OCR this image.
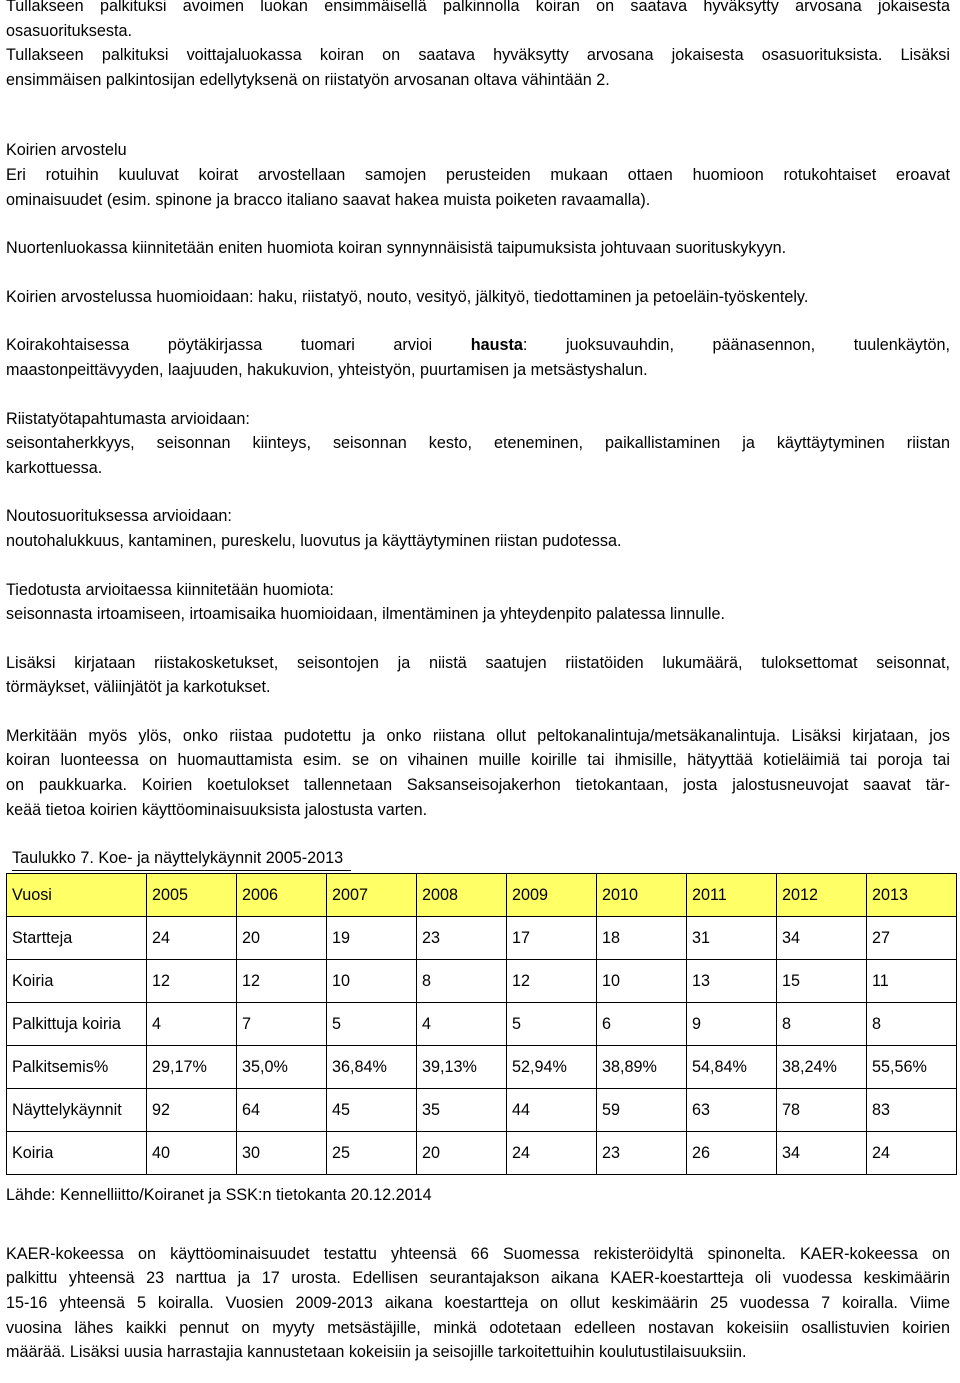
Tullakseen palkituksi avoimen luokan ensimmäisellä palkinnolla koiran on saatava hyväksytty arvosana jokaisesta
osasuorituksesta.
Tullakseen palkituksi voittajaluokassa koiran on saatava hyväksytty arvosana jokaisesta osasuorituksista. Lisäksi
ensimmäisen palkintosijan edellytyksenä on riistatyön arvosanan oltava vähintään 2.
Koirien arvostelu
Eri rotuihin kuuluvat koirat arvostellaan samojen perusteiden mukaan ottaen huomioon rotukohtaiset eroavat
ominaisuudet (esim. spinone ja bracco italiano saavat hakea muista poiketen ravaamalla).
Nuortenluokassa kiinnitetään eniten huomiota koiran synnynnäisistä taipumuksista johtuvaan suorituskykyyn.
Koirien arvostelussa huomioidaan: haku, riistatyö, nouto, vesityö, jälkityö, tiedottaminen ja petoeläin-työskentely.
Koirakohtaisessa pöytäkirjassa tuomari arvioi hausta: juoksuvauhdin, päänasennon, tuulenkäytön,
maastonpeittävyyden, laajuuden, hakukuvion, yhteistyön, puurtamisen ja metsästyshalun.
Riistatyötapahtumasta arvioidaan:
seisontaherkkyys, seisonnan kiinteys, seisonnan kesto, eteneminen, paikallistaminen ja käyttäytyminen riistan
karkottuessa.
Noutosuorituksessa arvioidaan:
noutohalukkuus, kantaminen, pureskelu, luovutus ja käyttäytyminen riistan pudotessa.
Tiedotusta arvioitaessa kiinnitetään huomiota:
seisonnasta irtoamiseen, irtoamisaika huomioidaan, ilmentäminen ja yhteydenpito palatessa linnulle.
Lisäksi kirjataan riistakosketukset, seisontojen ja niistä saatujen riistatöiden lukumäärä, tuloksettomat seisonnat,
törmäykset, väliinjätöt ja karkotukset.
Merkitään myös ylös, onko riistaa pudotettu ja onko riistana ollut peltokanalintuja/metsäkanalintuja. Lisäksi kirjataan, jos
koiran luonteessa on huomauttamista esim. se on vihainen muille koirille tai ihmisille, hätyyttää kotieläimiä tai poroja tai
on paukkuarka. Koirien koetulokset tallennetaan Saksanseisojakerhon tietokantaan, josta jalostusneuvojat saavat tär-
keää tietoa koirien käyttöominaisuuksista jalostusta varten.
Taulukko 7. Koe- ja näyttelykäynnit 2005-2013
Vuosi	2005	2006	2007	2008	2009	2010	2011	2012	2013
Startteja	24	20	19	23	17	18	31	34	27
Koiria	12	12	10	8	12	10	13	15	11
Palkittuja koiria	4	7	5	4	5	6	9	8	8
Palkitsemis%	29,17%	35,0%	36,84%	39,13%	52,94%	38,89%	54,84%	38,24%	55,56%
Näyttelykäynnit	92	64	45	35	44	59	63	78	83
Koiria	40	30	25	20	24	23	26	34	24
Lähde: Kennelliitto/Koiranet ja SSK:n tietokanta 20.12.2014
KAER-kokeessa on käyttöominaisuudet testattu yhteensä 66 Suomessa rekisteröidyltä spinonelta. KAER-kokeessa on
palkittu yhteensä 23 narttua ja 17 urosta. Edellisen seurantajakson aikana KAER-koestartteja oli vuodessa keskimäärin
15-16 yhteensä 5 koiralla. Vuosien 2009-2013 aikana koestartteja on ollut keskimäärin 25 vuodessa 7 koiralla. Viime
vuosina lähes kaikki pennut on myyty metsästäjille, minkä odotetaan edelleen nostavan kokeisiin osallistuvien koirien
määrää. Lisäksi uusia harrastajia kannustetaan kokeisiin ja seisojille tarkoitettuihin koulutustilaisuuksiin.
